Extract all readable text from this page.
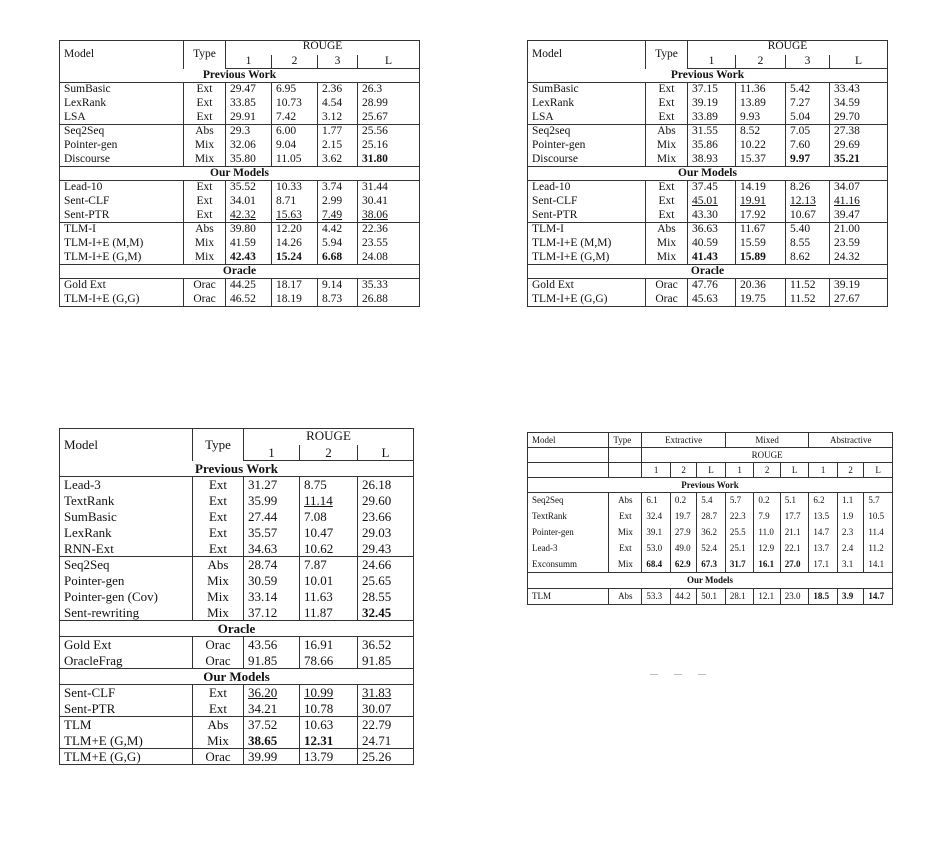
Model	Type	ROUGE			
		1	2	3	L
Previous Work					
SumBasic	Ext	29.47	6.95	2.36	26.3
LexRank	Ext	33.85	10.73	4.54	28.99
LSA	Ext	29.91	7.42	3.12	25.67
Seq2Seq	Abs	29.3	6.00	1.77	25.56
Pointer-gen	Mix	32.06	9.04	2.15	25.16
Discourse	Mix	35.80	11.05	3.62	31.80
Our Models					
Lead-10	Ext	35.52	10.33	3.74	31.44
Sent-CLF	Ext	34.01	8.71	2.99	30.41
Sent-PTR	Ext	42.32	15.63	7.49	38.06
TLM-I	Abs	39.80	12.20	4.42	22.36
TLM-I+E (M,M)	Mix	41.59	14.26	5.94	23.55
TLM-I+E (G,M)	Mix	42.43	15.24	6.68	24.08
Oracle					
Gold Ext	Orac	44.25	18.17	9.14	35.33
TLM-I+E (G,G)	Orac	46.52	18.19	8.73	26.88
Model	Type	ROUGE			
		1	2	3	L
Previous Work					
SumBasic	Ext	37.15	11.36	5.42	33.43
LexRank	Ext	39.19	13.89	7.27	34.59
LSA	Ext	33.89	9.93	5.04	29.70
Seq2seq	Abs	31.55	8.52	7.05	27.38
Pointer-gen	Mix	35.86	10.22	7.60	29.69
Discourse	Mix	38.93	15.37	9.97	35.21
Our Models					
Lead-10	Ext	37.45	14.19	8.26	34.07
Sent-CLF	Ext	45.01	19.91	12.13	41.16
Sent-PTR	Ext	43.30	17.92	10.67	39.47
TLM-I	Abs	36.63	11.67	5.40	21.00
TLM-I+E (M,M)	Mix	40.59	15.59	8.55	23.59
TLM-I+E (G,M)	Mix	41.43	15.89	8.62	24.32
Oracle					
Gold Ext	Orac	47.76	20.36	11.52	39.19
TLM-I+E (G,G)	Orac	45.63	19.75	11.52	27.67
Model	Type	ROUGE		
		1	2	L
Previous Work				
Lead-3	Ext	31.27	8.75	26.18
TextRank	Ext	35.99	11.14	29.60
SumBasic	Ext	27.44	7.08	23.66
LexRank	Ext	35.57	10.47	29.03
RNN-Ext	Ext	34.63	10.62	29.43
Seq2Seq	Abs	28.74	7.87	24.66
Pointer-gen	Mix	30.59	10.01	25.65
Pointer-gen (Cov)	Mix	33.14	11.63	28.55
Sent-rewriting	Mix	37.12	11.87	32.45
Oracle				
Gold Ext	Orac	43.56	16.91	36.52
OracleFrag	Orac	91.85	78.66	91.85
Our Models				
Sent-CLF	Ext	36.20	10.99	31.83
Sent-PTR	Ext	34.21	10.78	30.07
TLM	Abs	37.52	10.63	22.79
TLM+E (G,M)	Mix	38.65	12.31	24.71
TLM+E (G,G)	Orac	39.99	13.79	25.26
Model	Type	Extractive			Mixed			Abstractive		
		ROUGE								
		1	2	L	1	2	L	1	2	L
Previous Work										
Seq2Seq	Abs	6.1	0.2	5.4	5.7	0.2	5.1	6.2	1.1	5.7
TextRank	Ext	32.4	19.7	28.7	22.3	7.9	17.7	13.5	1.9	10.5
Pointer-gen	Mix	39.1	27.9	36.2	25.5	11.0	21.1	14.7	2.3	11.4
Lead-3	Ext	53.0	49.0	52.4	25.1	12.9	22.1	13.7	2.4	11.2
Exconsumm	Mix	68.4	62.9	67.3	31.7	16.1	27.0	17.1	3.1	14.1
Our Models										
TLM	Abs	53.3	44.2	50.1	28.1	12.1	23.0	18.5	3.9	14.7
